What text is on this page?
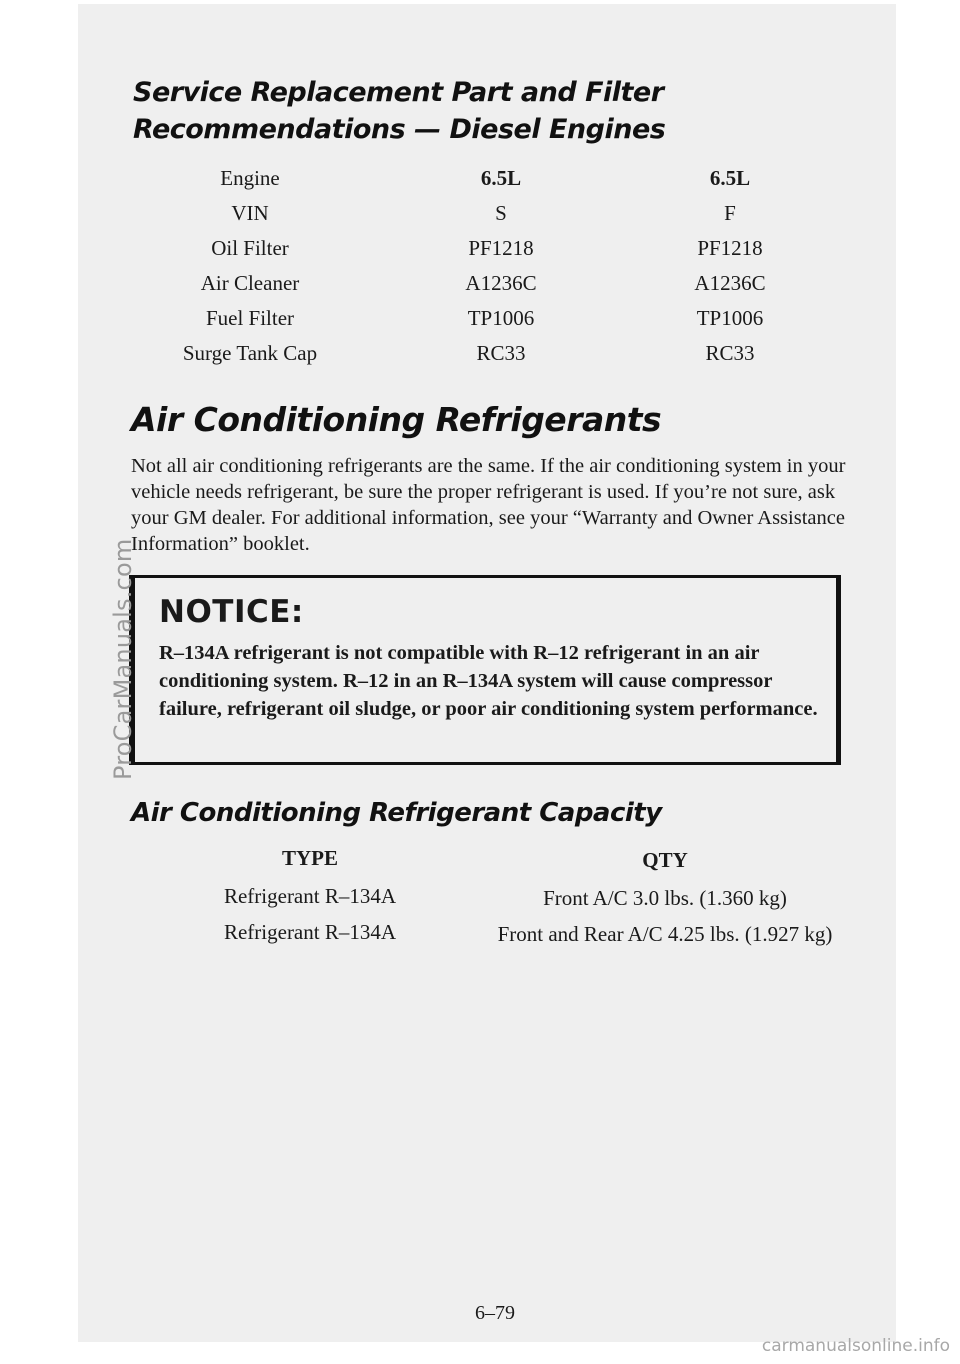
Service Replacement Part and Filter
Recommendations — Diesel Engines
Engine	6.5L	6.5L
VIN	S	F
Oil Filter	PF1218	PF1218
Air Cleaner	A1236C	A1236C
Fuel Filter	TP1006	TP1006
Surge Tank Cap	RC33	RC33
Air Conditioning Refrigerants

Not all air conditioning refrigerants are the same. If the air conditioning system in your vehicle needs refrigerant, be sure the proper refrigerant is used. If you’re not sure, ask your GM dealer. For additional information, see your “Warranty and Owner Assistance Information” booklet.

NOTICE:

R–134A refrigerant is not compatible with R–12 refrigerant in an air conditioning system. R–12 in an R–134A system will cause compressor failure, refrigerant oil sludge, or poor air conditioning system performance.

Air Conditioning Refrigerant Capacity
TYPE	QTY
Refrigerant R–134A	Front A/C 3.0 lbs. (1.360 kg)
Refrigerant R–134A	Front and Rear A/C 4.25 lbs. (1.927 kg)
6–79
ProCarManuals.com
carmanualsonline.info
